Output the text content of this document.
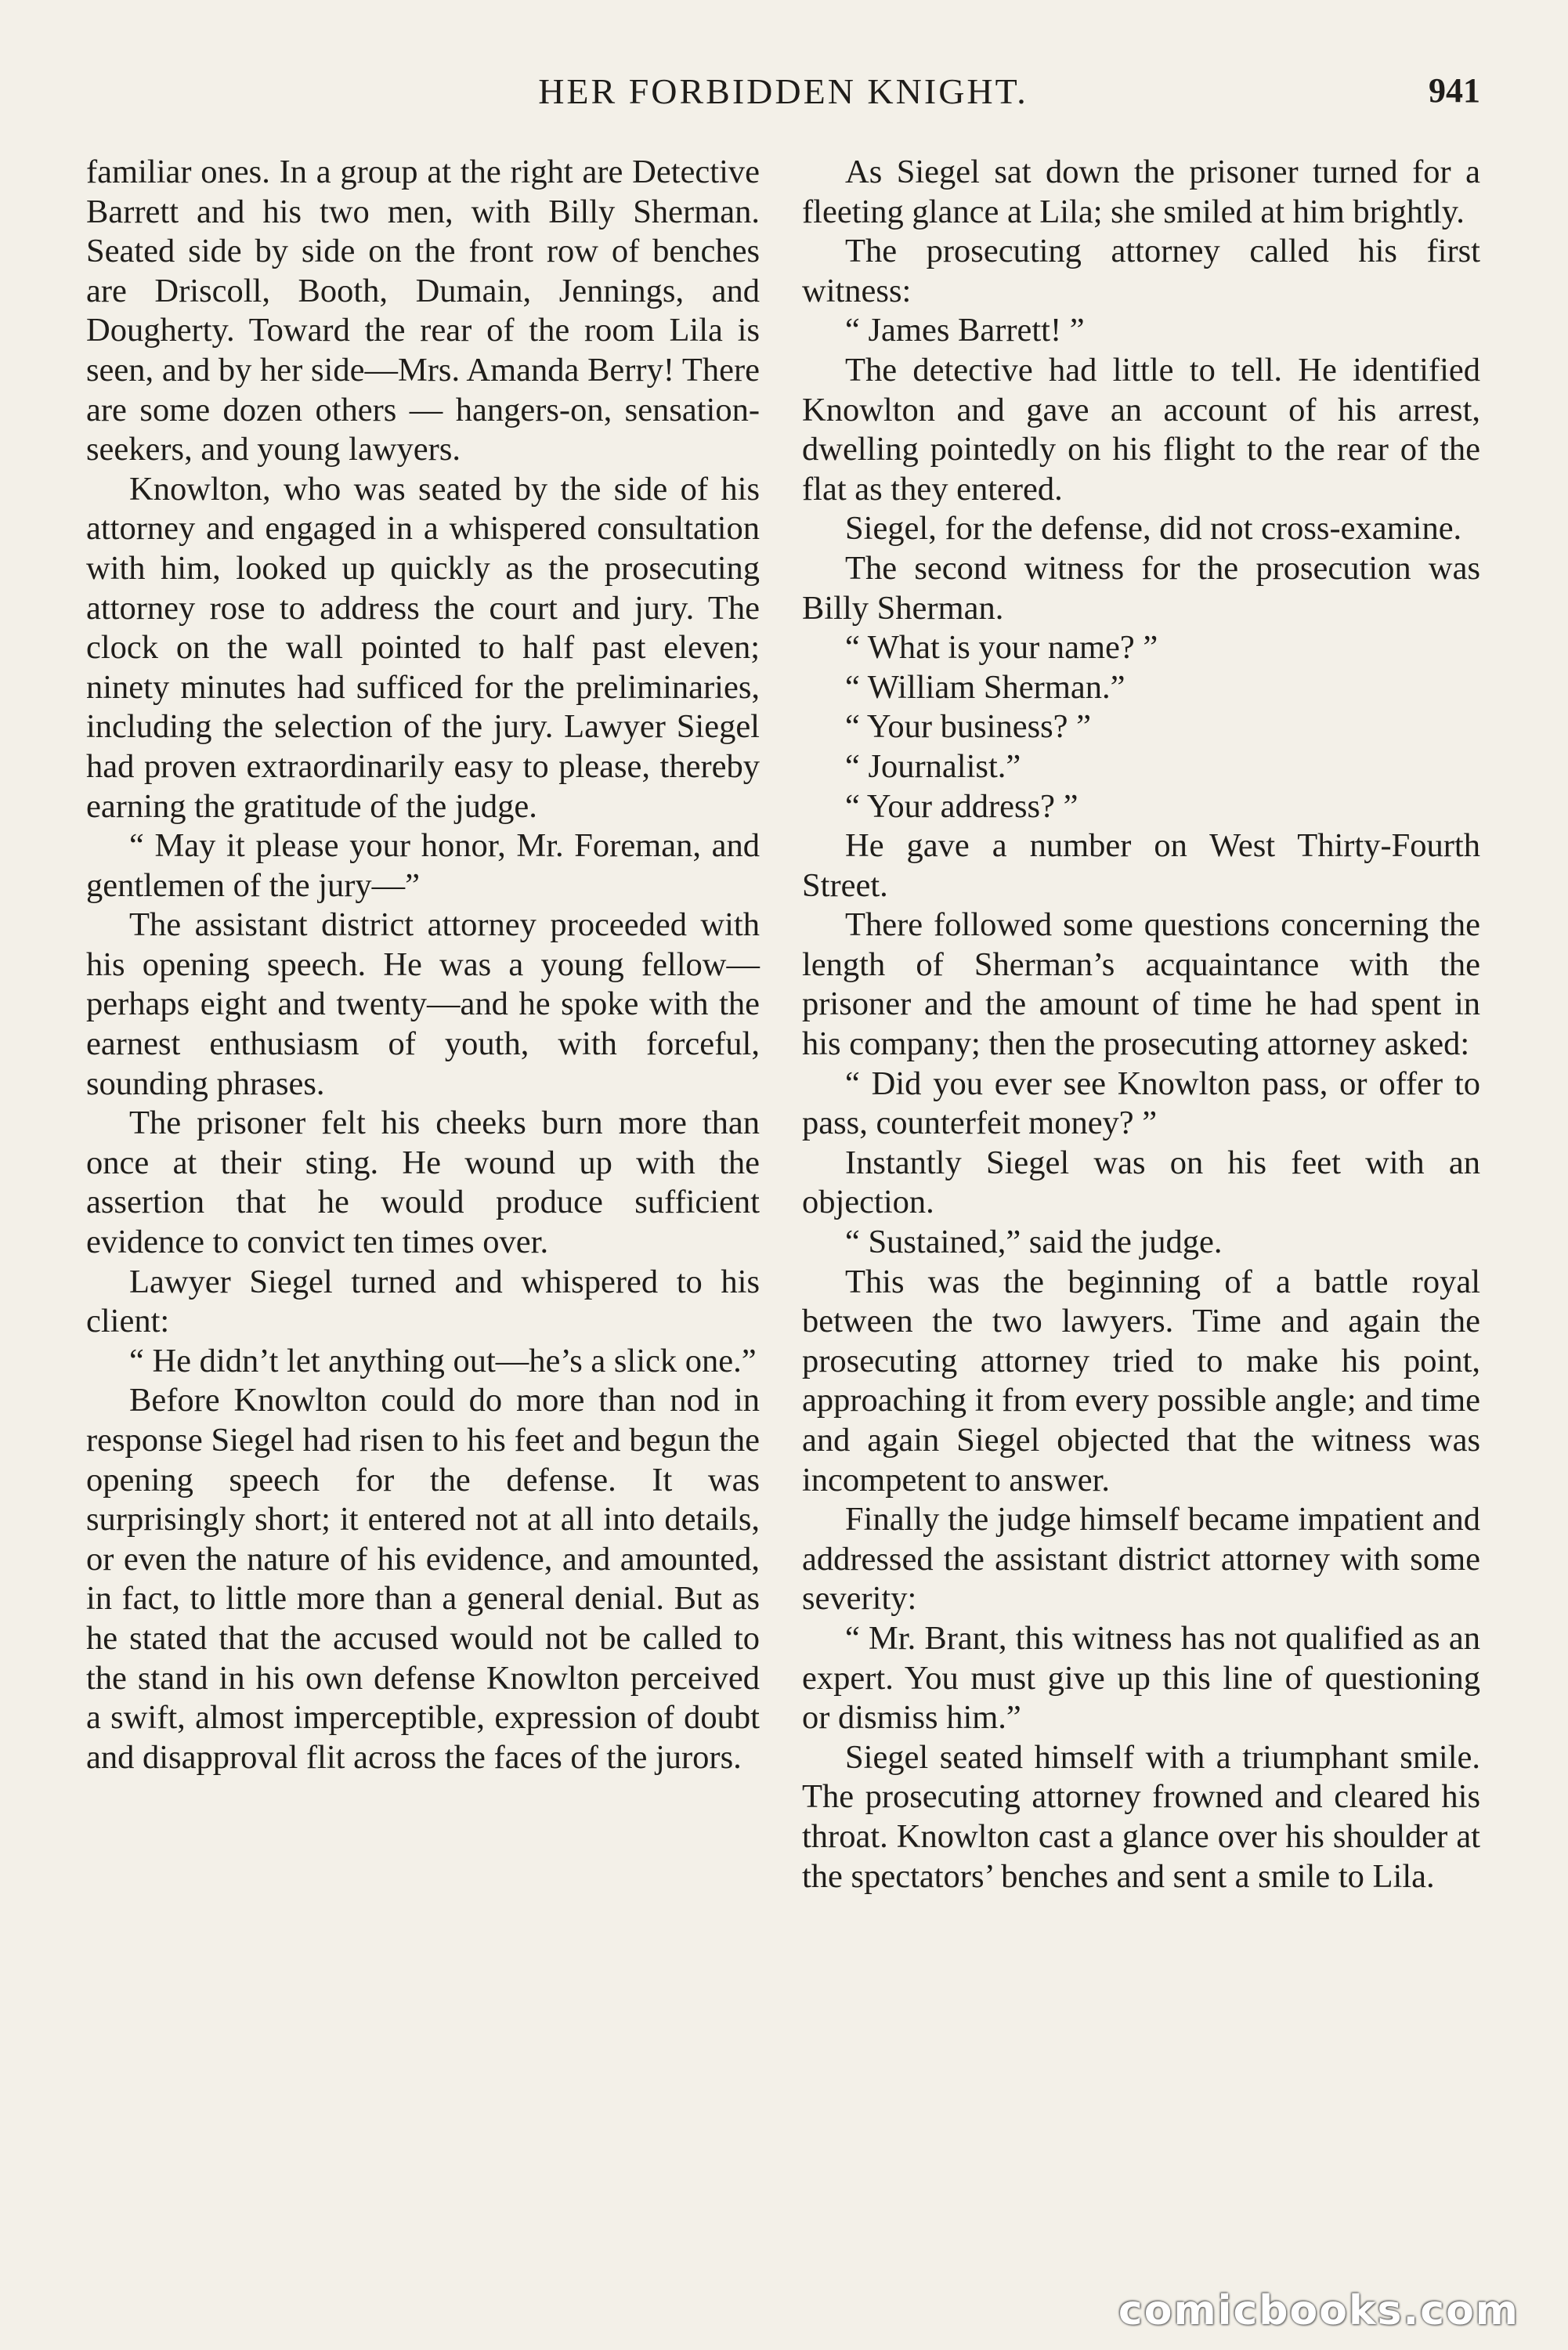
HER FORBIDDEN KNIGHT.	941

familiar ones. In a group at the right are Detective Barrett and his two men, with Billy Sherman. Seated side by side on the front row of benches are Driscoll, Booth, Dumain, Jennings, and Dougherty. Toward the rear of the room Lila is seen, and by her side—Mrs. Amanda Berry! There are some dozen others — hangers-on, sensation-seekers, and young lawyers.

Knowlton, who was seated by the side of his attorney and engaged in a whispered consultation with him, looked up quickly as the prosecuting attorney rose to address the court and jury. The clock on the wall pointed to half past eleven; ninety minutes had sufficed for the preliminaries, including the selection of the jury. Lawyer Siegel had proven extraordinarily easy to please, thereby earning the gratitude of the judge.

“ May it please your honor, Mr. Foreman, and gentlemen of the jury—”

The assistant district attorney proceeded with his opening speech. He was a young fellow—perhaps eight and twenty—and he spoke with the earnest enthusiasm of youth, with forceful, sounding phrases.

The prisoner felt his cheeks burn more than once at their sting. He wound up with the assertion that he would produce sufficient evidence to convict ten times over.

Lawyer Siegel turned and whispered to his client:

“ He didn’t let anything out—he’s a slick one.”

Before Knowlton could do more than nod in response Siegel had risen to his feet and begun the opening speech for the defense. It was surprisingly short; it entered not at all into details, or even the nature of his evidence, and amounted, in fact, to little more than a general denial. But as he stated that the accused would not be called to the stand in his own defense Knowlton perceived a swift, almost imperceptible, expression of doubt and disapproval flit across the faces of the jurors.

As Siegel sat down the prisoner turned for a fleeting glance at Lila; she smiled at him brightly.

The prosecuting attorney called his first witness:

“ James Barrett! ”

The detective had little to tell. He identified Knowlton and gave an account of his arrest, dwelling pointedly on his flight to the rear of the flat as they entered.

Siegel, for the defense, did not cross-examine.

The second witness for the prosecution was Billy Sherman.

“ What is your name? ”

“ William Sherman.”

“ Your business? ”

“ Journalist.”

“ Your address? ”

He gave a number on West Thirty-Fourth Street.

There followed some questions concerning the length of Sherman’s acquaintance with the prisoner and the amount of time he had spent in his company; then the prosecuting attorney asked:

“ Did you ever see Knowlton pass, or offer to pass, counterfeit money? ”

Instantly Siegel was on his feet with an objection.

“ Sustained,” said the judge.

This was the beginning of a battle royal between the two lawyers. Time and again the prosecuting attorney tried to make his point, approaching it from every possible angle; and time and again Siegel objected that the witness was incompetent to answer.

Finally the judge himself became impatient and addressed the assistant district attorney with some severity:

“ Mr. Brant, this witness has not qualified as an expert. You must give up this line of questioning or dismiss him.”

Siegel seated himself with a triumphant smile. The prosecuting attorney frowned and cleared his throat. Knowlton cast a glance over his shoulder at the spectators’ benches and sent a smile to Lila.

comicbooks.com
